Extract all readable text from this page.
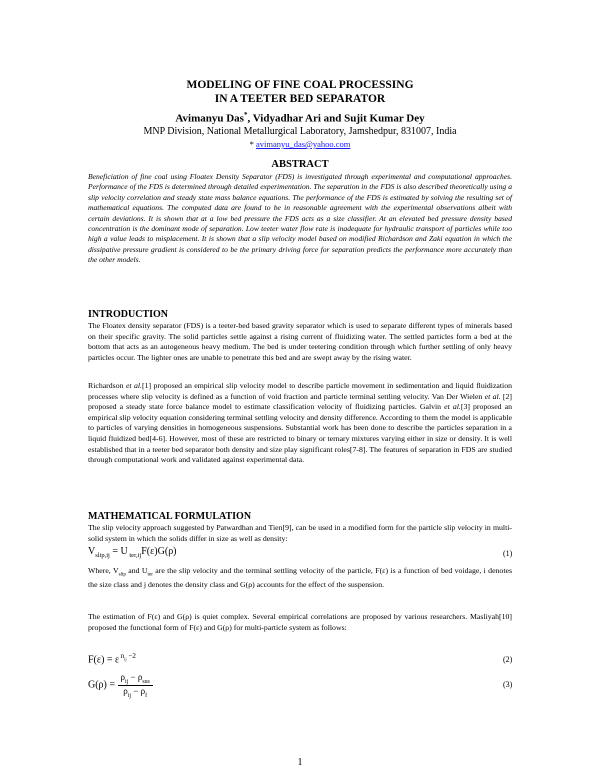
MODELING OF FINE COAL PROCESSING
IN A TEETER BED SEPARATOR
Avimanyu Das*, Vidyadhar Ari and Sujit Kumar Dey
MNP Division, National Metallurgical Laboratory, Jamshedpur, 831007, India
* avimanyu_das@yahoo.com
ABSTRACT
Beneficiation of fine coal using Floatex Density Separator (FDS) is investigated through experimental and computational approaches. Performance of the FDS is determined through detailed experimentation. The separation in the FDS is also described theoretically using a slip velocity correlation and steady state mass balance equations. The performance of the FDS is estimated by solving the resulting set of mathematical equations. The computed data are found to be in reasonable agreement with the experimental observations albeit with certain deviations. It is shown that at a low bed pressure the FDS acts as a size classifier. At an elevated bed pressure density based concentration is the dominant mode of separation. Low teeter water flow rate is inadequate for hydraulic transport of particles while too high a value leads to misplacement. It is shown that a slip velocity model based on modified Richardson and Zaki equation in which the dissipative pressure gradient is considered to be the primary driving force for separation predicts the performance more accurately than the other models.
INTRODUCTION
The Floatex density separator (FDS) is a teeter-bed based gravity separator which is used to separate different types of minerals based on their specific gravity. The solid particles settle against a rising current of fluidizing water. The settled particles form a bed at the bottom that acts as an autogeneous heavy medium. The bed is under teetering condition through which further settling of only heavy particles occur. The lighter ones are unable to penetrate this bed and are swept away by the rising water.
Richardson et al.[1] proposed an empirical slip velocity model to describe particle movement in sedimentation and liquid fluidization processes where slip velocity is defined as a function of void fraction and particle terminal settling velocity. Van Der Wielen et al. [2] proposed a steady state force balance model to estimate classification velocity of fluidizing particles. Galvin et al.[3] proposed an empirical slip velocity equation considering terminal settling velocity and density difference. According to them the model is applicable to particles of varying densities in homogeneous suspensions. Substantial work has been done to describe the particles separation in a liquid fluidized bed[4-6]. However, most of these are restricted to binary or ternary mixtures varying either in size or density. It is well established that in a teeter bed separator both density and size play significant roles[7-8]. The features of separation in FDS are studied through computational work and validated against experimental data.
MATHEMATICAL FORMULATION
The slip velocity approach suggested by Patwardhan and Tien[9], can be used in a modified form for the particle slip velocity in multi-solid system in which the solids differ in size as well as density:
$V_{slip,ij} = U$ $_{ter,ij}$F(ε)G(ρ)	(1)
Where, $V_{slip}$ and $U_{ter}$ are the slip velocity and the terminal settling velocity of the particle, F(ε) is a function of bed voidage, i denotes the size class and j denotes the density class and G(ρ) accounts for the effect of the suspension.
The estimation of F(ε) and G(ρ) is quiet complex. Several empirical correlations are proposed by various researchers. Masliyah[10] proposed the functional form of F(ε) and G(ρ) for multi-particle system as follows:
F(ε) = ε $^{n_{ij} -2}$	(2)
$G(\rho) = \frac{\rho_{ij} - \rho_{sus}}{\rho_{ij} - \rho_f}$	(3)
1
